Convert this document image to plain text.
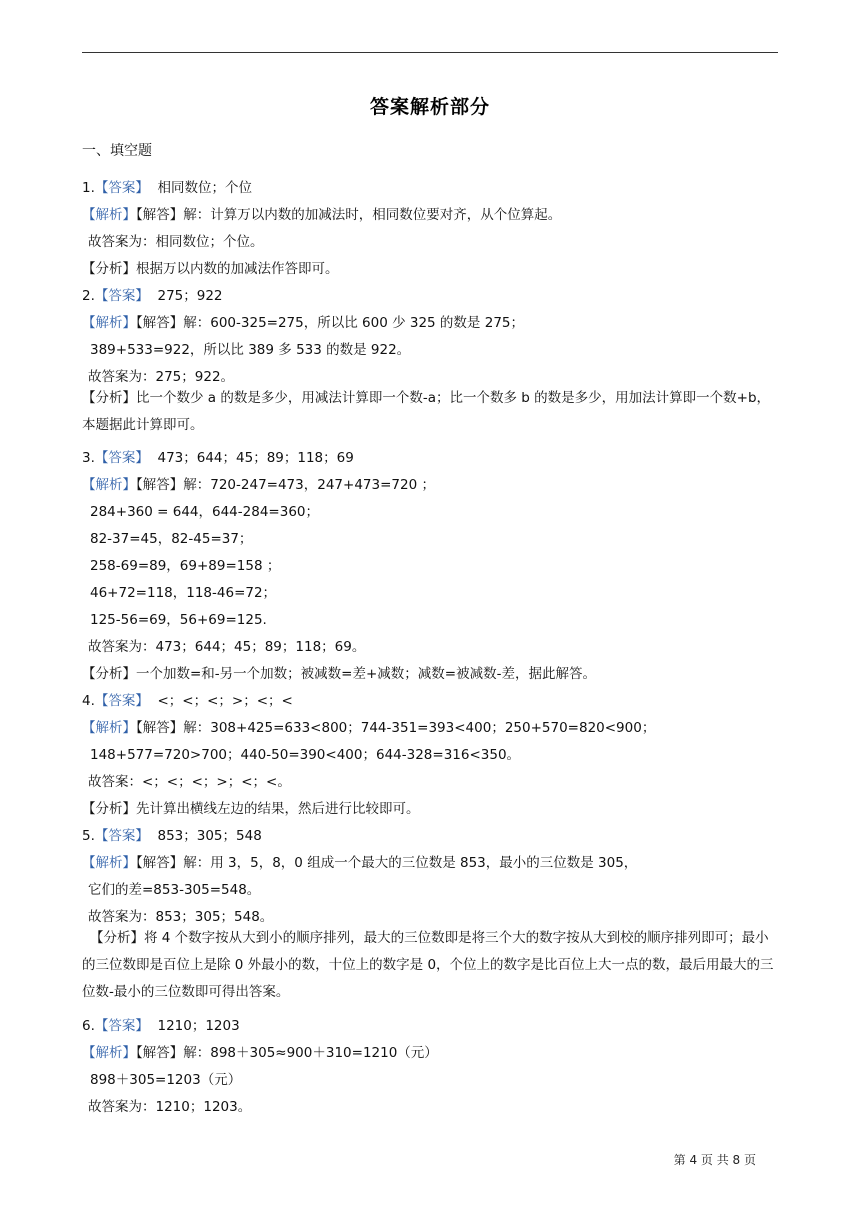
答案解析部分
一、填空题
1.【答案】 相同数位；个位
【解析】【解答】解：计算万以内数的加减法时，相同数位要对齐，从个位算起。
故答案为：相同数位；个位。
【分析】根据万以内数的加减法作答即可。
2.【答案】 275；922
【解析】【解答】解：600-325=275，所以比 600 少 325 的数是 275；
389+533=922，所以比 389 多 533 的数是 922。
故答案为：275；922。
【分析】比一个数少 a 的数是多少，用减法计算即一个数-a；比一个数多 b 的数是多少，用加法计算即一个数+b，本题据此计算即可。
3.【答案】 473；644；45；89；118；69
【解析】【解答】解：720-247=473，247+473=720 ；
284+360 = 644，644-284=360；
82-37=45，82-45=37；
258-69=89，69+89=158 ；
46+72=118，118-46=72；
125-56=69，56+69=125.
故答案为：473；644；45；89；118；69。
【分析】一个加数=和-另一个加数；被减数=差+减数；减数=被减数-差，据此解答。
4.【答案】 <；<；<；>；<；<
【解析】【解答】解：308+425=633<800；744-351=393<400；250+570=820<900；
148+577=720>700；440-50=390<400；644-328=316<350。
故答案：<；<；<；>；<；<。
【分析】先计算出横线左边的结果，然后进行比较即可。
5.【答案】 853；305；548
【解析】【解答】解：用 3，5，8，0 组成一个最大的三位数是 853，最小的三位数是 305，
它们的差=853-305=548。
故答案为：853；305；548。
【分析】将 4 个数字按从大到小的顺序排列，最大的三位数即是将三个大的数字按从大到校的顺序排列即可；最小的三位数即是百位上是除 0 外最小的数，十位上的数字是 0，个位上的数字是比百位上大一点的数，最后用最大的三位数-最小的三位数即可得出答案。
6.【答案】 1210；1203
【解析】【解答】解：898＋305≈900＋310=1210（元）
898＋305=1203（元）
故答案为：1210；1203。
第 4 页 共 8 页
